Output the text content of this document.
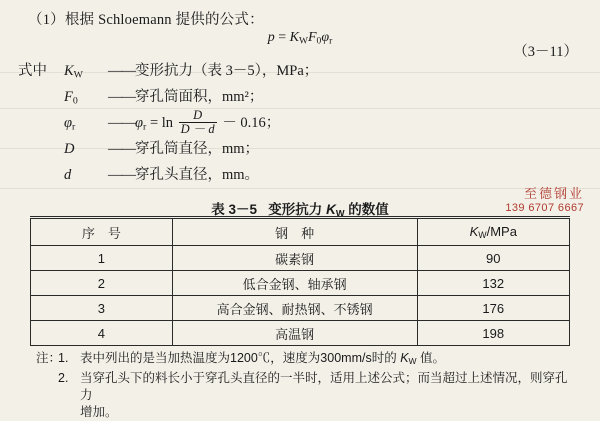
（1）根据 Schloemann 提供的公式：
$p = K_WF_0\varphi_r$
（3－11）
式中	$K_W$	—— 变形抗力（表 3－5），MPa；
$F_0$	—— 穿孔筒面积，mm²；
$\varphi_r$	—— $\varphi_r = \ln \frac{D}{D - d} - 0.16$；
D	—— 穿孔筒直径，mm；
d	—— 穿孔头直径，mm。
至德钢业
139 6707 6667
表 3－5 变形抗力 $K_W$ 的数值
序　号	钢　种	$K_W$/MPa
1	碳素钢	90
2	低合金钢、轴承钢	132
3	高合金钢、耐热钢、不锈钢	176
4	高温钢	198
注：
1. 表中列出的是当加热温度为1200℃，速度为300mm/s时的 $K_W$ 值。
2. 当穿孔头下的料长小于穿孔头直径的一半时，适用上述公式；而当超过上述情况，则穿孔力
增加。
